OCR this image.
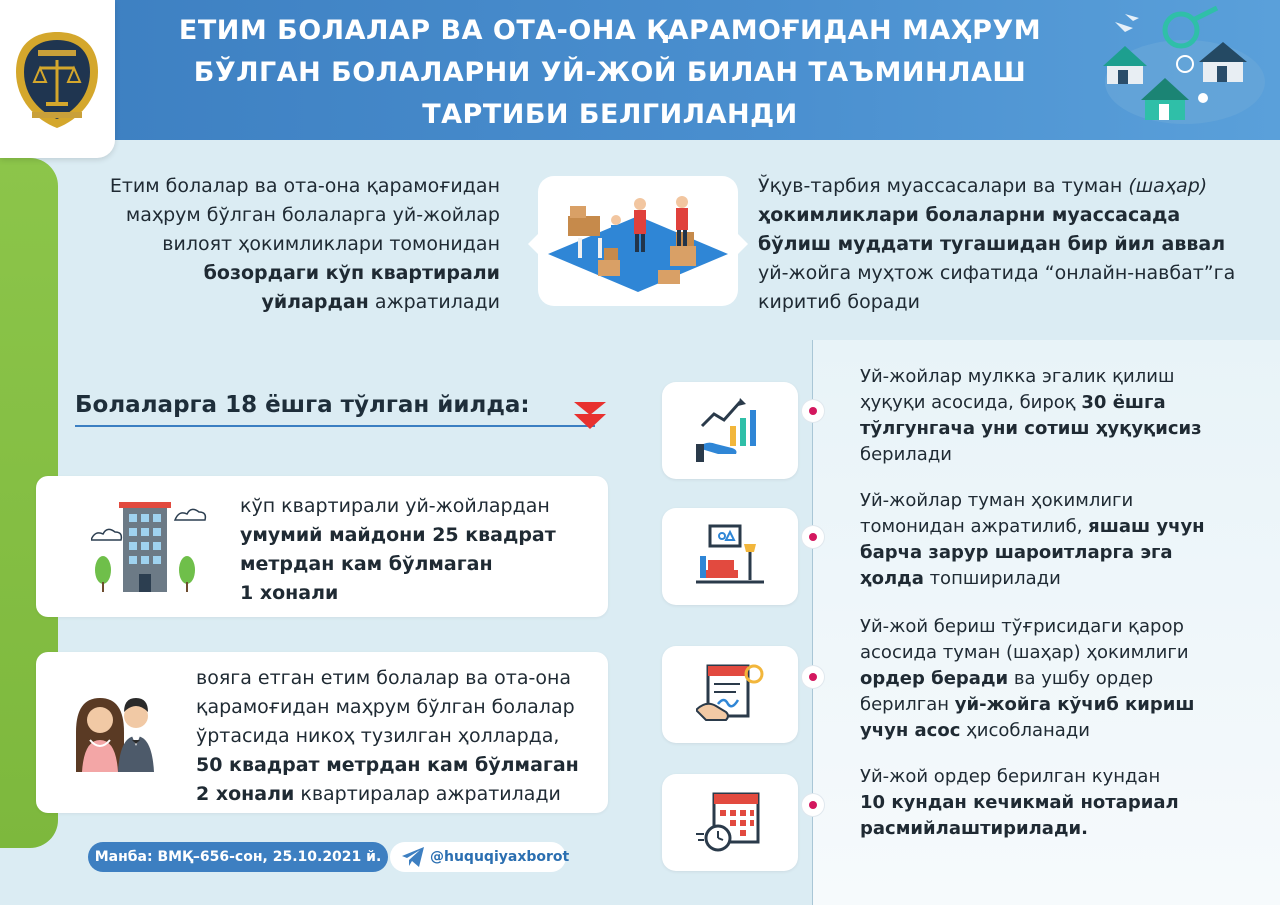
ЕТИМ БОЛАЛАР ВА ОТА-ОНА ҚАРАМОҒИДАН МАҲРУМ
БЎЛГАН БОЛАЛАРНИ УЙ-ЖОЙ БИЛАН ТАЪМИНЛАШ
ТАРТИБИ БЕЛГИЛАНДИ
Етим болалар ва ота-она қарамоғидан
маҳрум бўлган болаларга уй-жойлар
вилоят ҳокимликлари томонидан
бозордаги кўп квартирали
уйлардан ажратилади
Ўқув-тарбия муассасалари ва туман (шаҳар)
ҳокимликлари болаларни муассасада
бўлиш муддати тугашидан бир йил аввал
уй-жойга муҳтож сифатида “онлайн-навбат”га
киритиб боради
Болаларга 18 ёшга тўлган йилда:
кўп квартирали уй-жойлардан
умумий майдони 25 квадрат
метрдан кам бўлмаган
1 хонали
вояга етган етим болалар ва ота-она
қарамоғидан маҳрум бўлган болалар
ўртасида никоҳ тузилган ҳолларда,
50 квадрат метрдан кам бўлмаган
2 хонали квартиралар ажратилади
Уй-жойлар мулкка эгалик қилиш
ҳуқуқи асосида, бироқ 30 ёшга
тўлгунгача уни сотиш ҳуқуқисиз
берилади
Уй-жойлар туман ҳокимлиги
томонидан ажратилиб, яшаш учун
барча зарур шароитларга эга
ҳолда топширилади
Уй-жой бериш тўғрисидаги қарор
асосида туман (шаҳар) ҳокимлиги
ордер беради ва ушбу ордер
берилган уй-жойга кўчиб кириш
учун асос ҳисобланади
Уй-жой ордер берилган кундан
10 кундан кечикмай нотариал
расмийлаштирилади.
Манба: ВМҚ–656-сон, 25.10.2021 й.	@huquqiyaxborot
